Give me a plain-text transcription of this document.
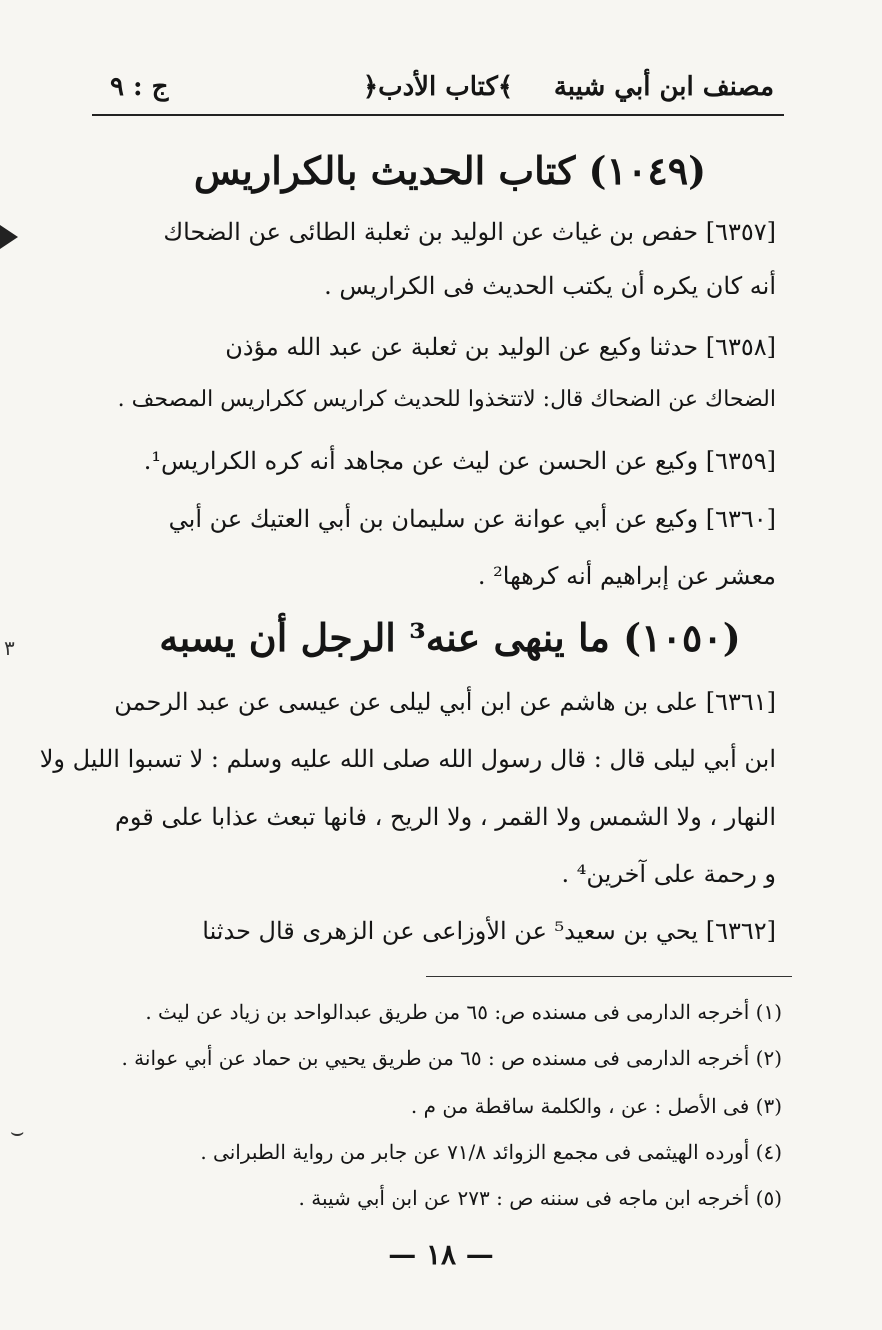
مصنف ابن أبي شيبة
﴿كتاب الأدب﴾
ج : ٩
(١٠٤٩) كتاب الحديث بالكراريس
[٦٣٥٧] حفص بن غياث عن الوليد بن ثعلبة الطائى عن الضحاك
أنه كان يكره أن يكتب الحديث فى الكراريس .
[٦٣٥٨] حدثنا وكيع عن الوليد بن ثعلبة عن عبد الله مؤذن
الضحاك عن الضحاك قال: لاتتخذوا للحديث كراريس ككراريس المصحف .
[٦٣٥٩] وكيع عن الحسن عن ليث عن مجاهد أنه كره الكراريس¹.
[٦٣٦٠] وكيع عن أبي عوانة عن سليمان بن أبي العتيك عن أبي
معشر عن إبراهيم أنه كرهها² .
(١٠٥٠) ما ينهى عنه³ الرجل أن يسبه
[٦٣٦١] على بن هاشم عن ابن أبي ليلى عن عيسى عن عبد الرحمن
ابن أبي ليلى قال : قال رسول الله صلى الله عليه وسلم : لا تسبوا الليل ولا
النهار ، ولا الشمس ولا القمر ، ولا الريح ، فانها تبعث عذابا على قوم
و رحمة على آخرين⁴ .
[٦٣٦٢] يحي بن سعيد⁵ عن الأوزاعى عن الزهرى قال حدثنا
(١) أخرجه الدارمى فى مسنده ص: ٦٥ من طريق عبدالواحد بن زياد عن ليث .
(٢) أخرجه الدارمى فى مسنده ص : ٦٥ من طريق يحيي بن حماد عن أبي عوانة .
(٣) فى الأصل : عن ، والكلمة ساقطة من م .
(٤) أورده الهيثمى فى مجمع الزوائد ٧١/٨ عن جابر من رواية الطبرانى .
(٥) أخرجه ابن ماجه فى سننه ص : ٢٧٣ عن ابن أبي شيبة .
— ١٨ —
٣
⌣
